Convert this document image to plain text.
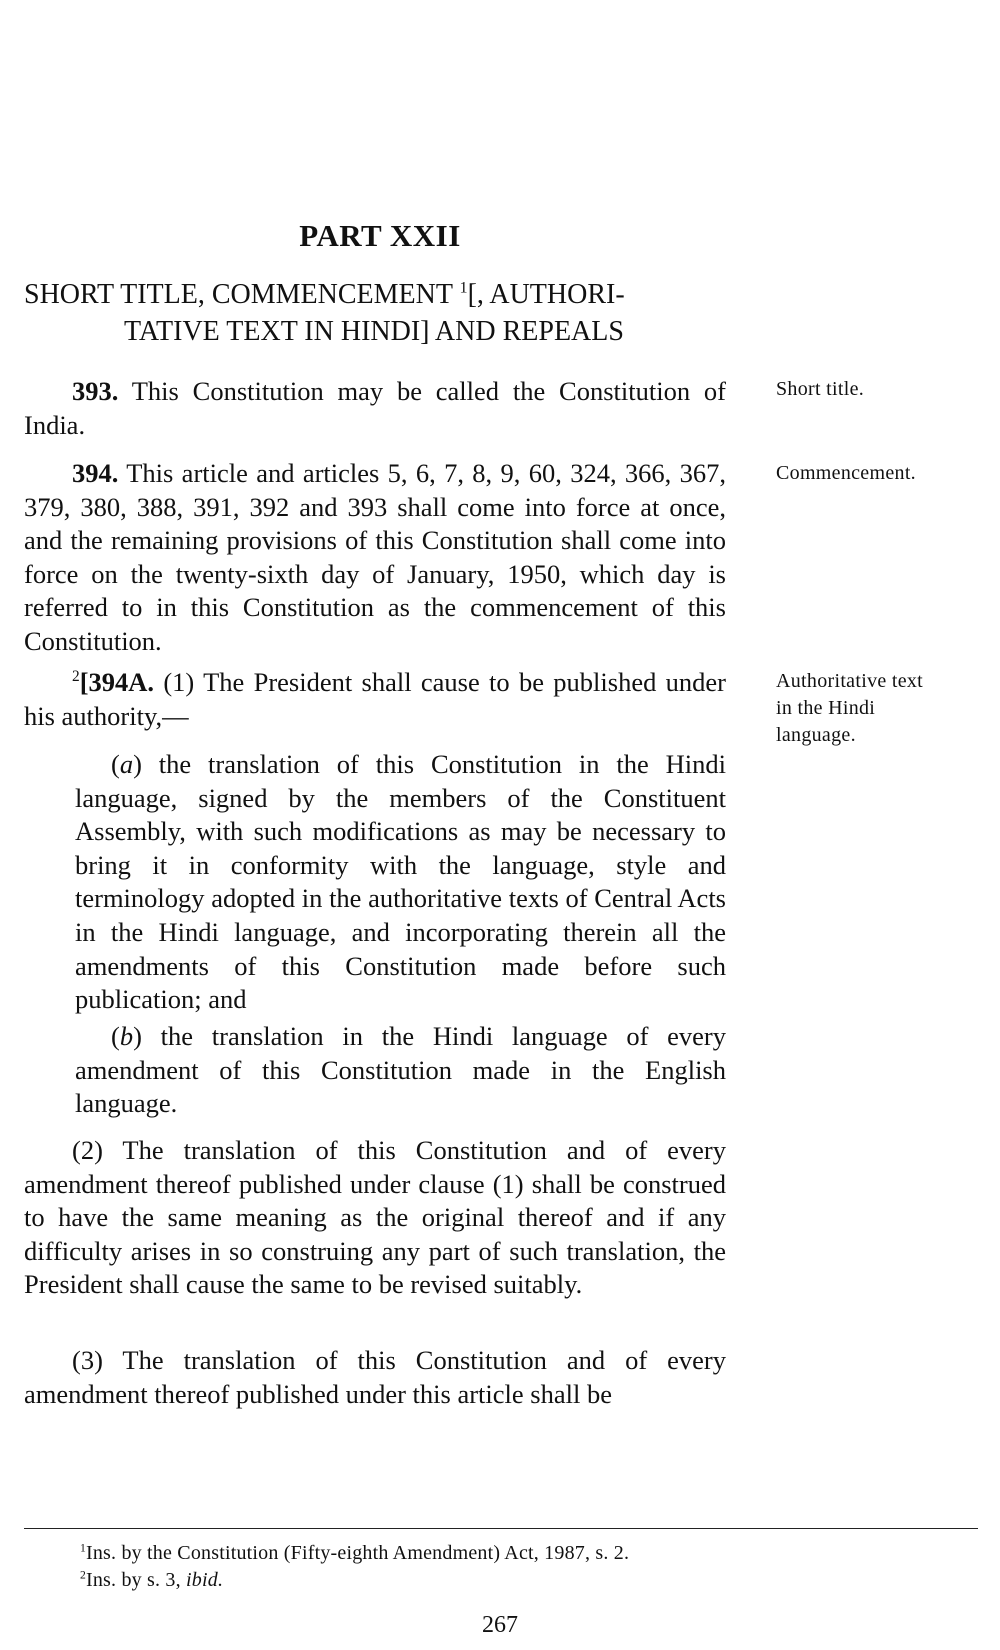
PART XXII
SHORT TITLE, COMMENCEMENT $^1$[, AUTHORI-
TATIVE TEXT IN HINDI] AND REPEALS

393. This Constitution may be called the Constitution of India.

Short title.

394. This article and articles 5, 6, 7, 8, 9, 60, 324, 366, 367, 379, 380, 388, 391, 392 and 393 shall come into force at once, and the remaining provisions of this Constitution shall come into force on the twenty-sixth day of January, 1950, which day is referred to in this Constitution as the commencement of this Constitution.

Commencement.

$^2$[394A. (1) The President shall cause to be published under his authority,—

Authoritative text
in the Hindi
language.

(a) the translation of this Constitution in the Hindi language, signed by the members of the Constituent Assembly, with such modifications as may be necessary to bring it in conformity with the language, style and terminology adopted in the authoritative texts of Central Acts in the Hindi language, and incorporating therein all the amendments of this Constitution made before such publication; and

(b) the translation in the Hindi language of every amendment of this Constitution made in the English language.

(2) The translation of this Constitution and of every amendment thereof published under clause (1) shall be construed to have the same meaning as the original thereof and if any difficulty arises in so construing any part of such translation, the President shall cause the same to be revised suitably.

(3) The translation of this Constitution and of every amendment thereof published under this article shall be

$^1$Ins. by the Constitution (Fifty-eighth Amendment) Act, 1987, s. 2.
$^2$Ins. by s. 3, ibid.
267
